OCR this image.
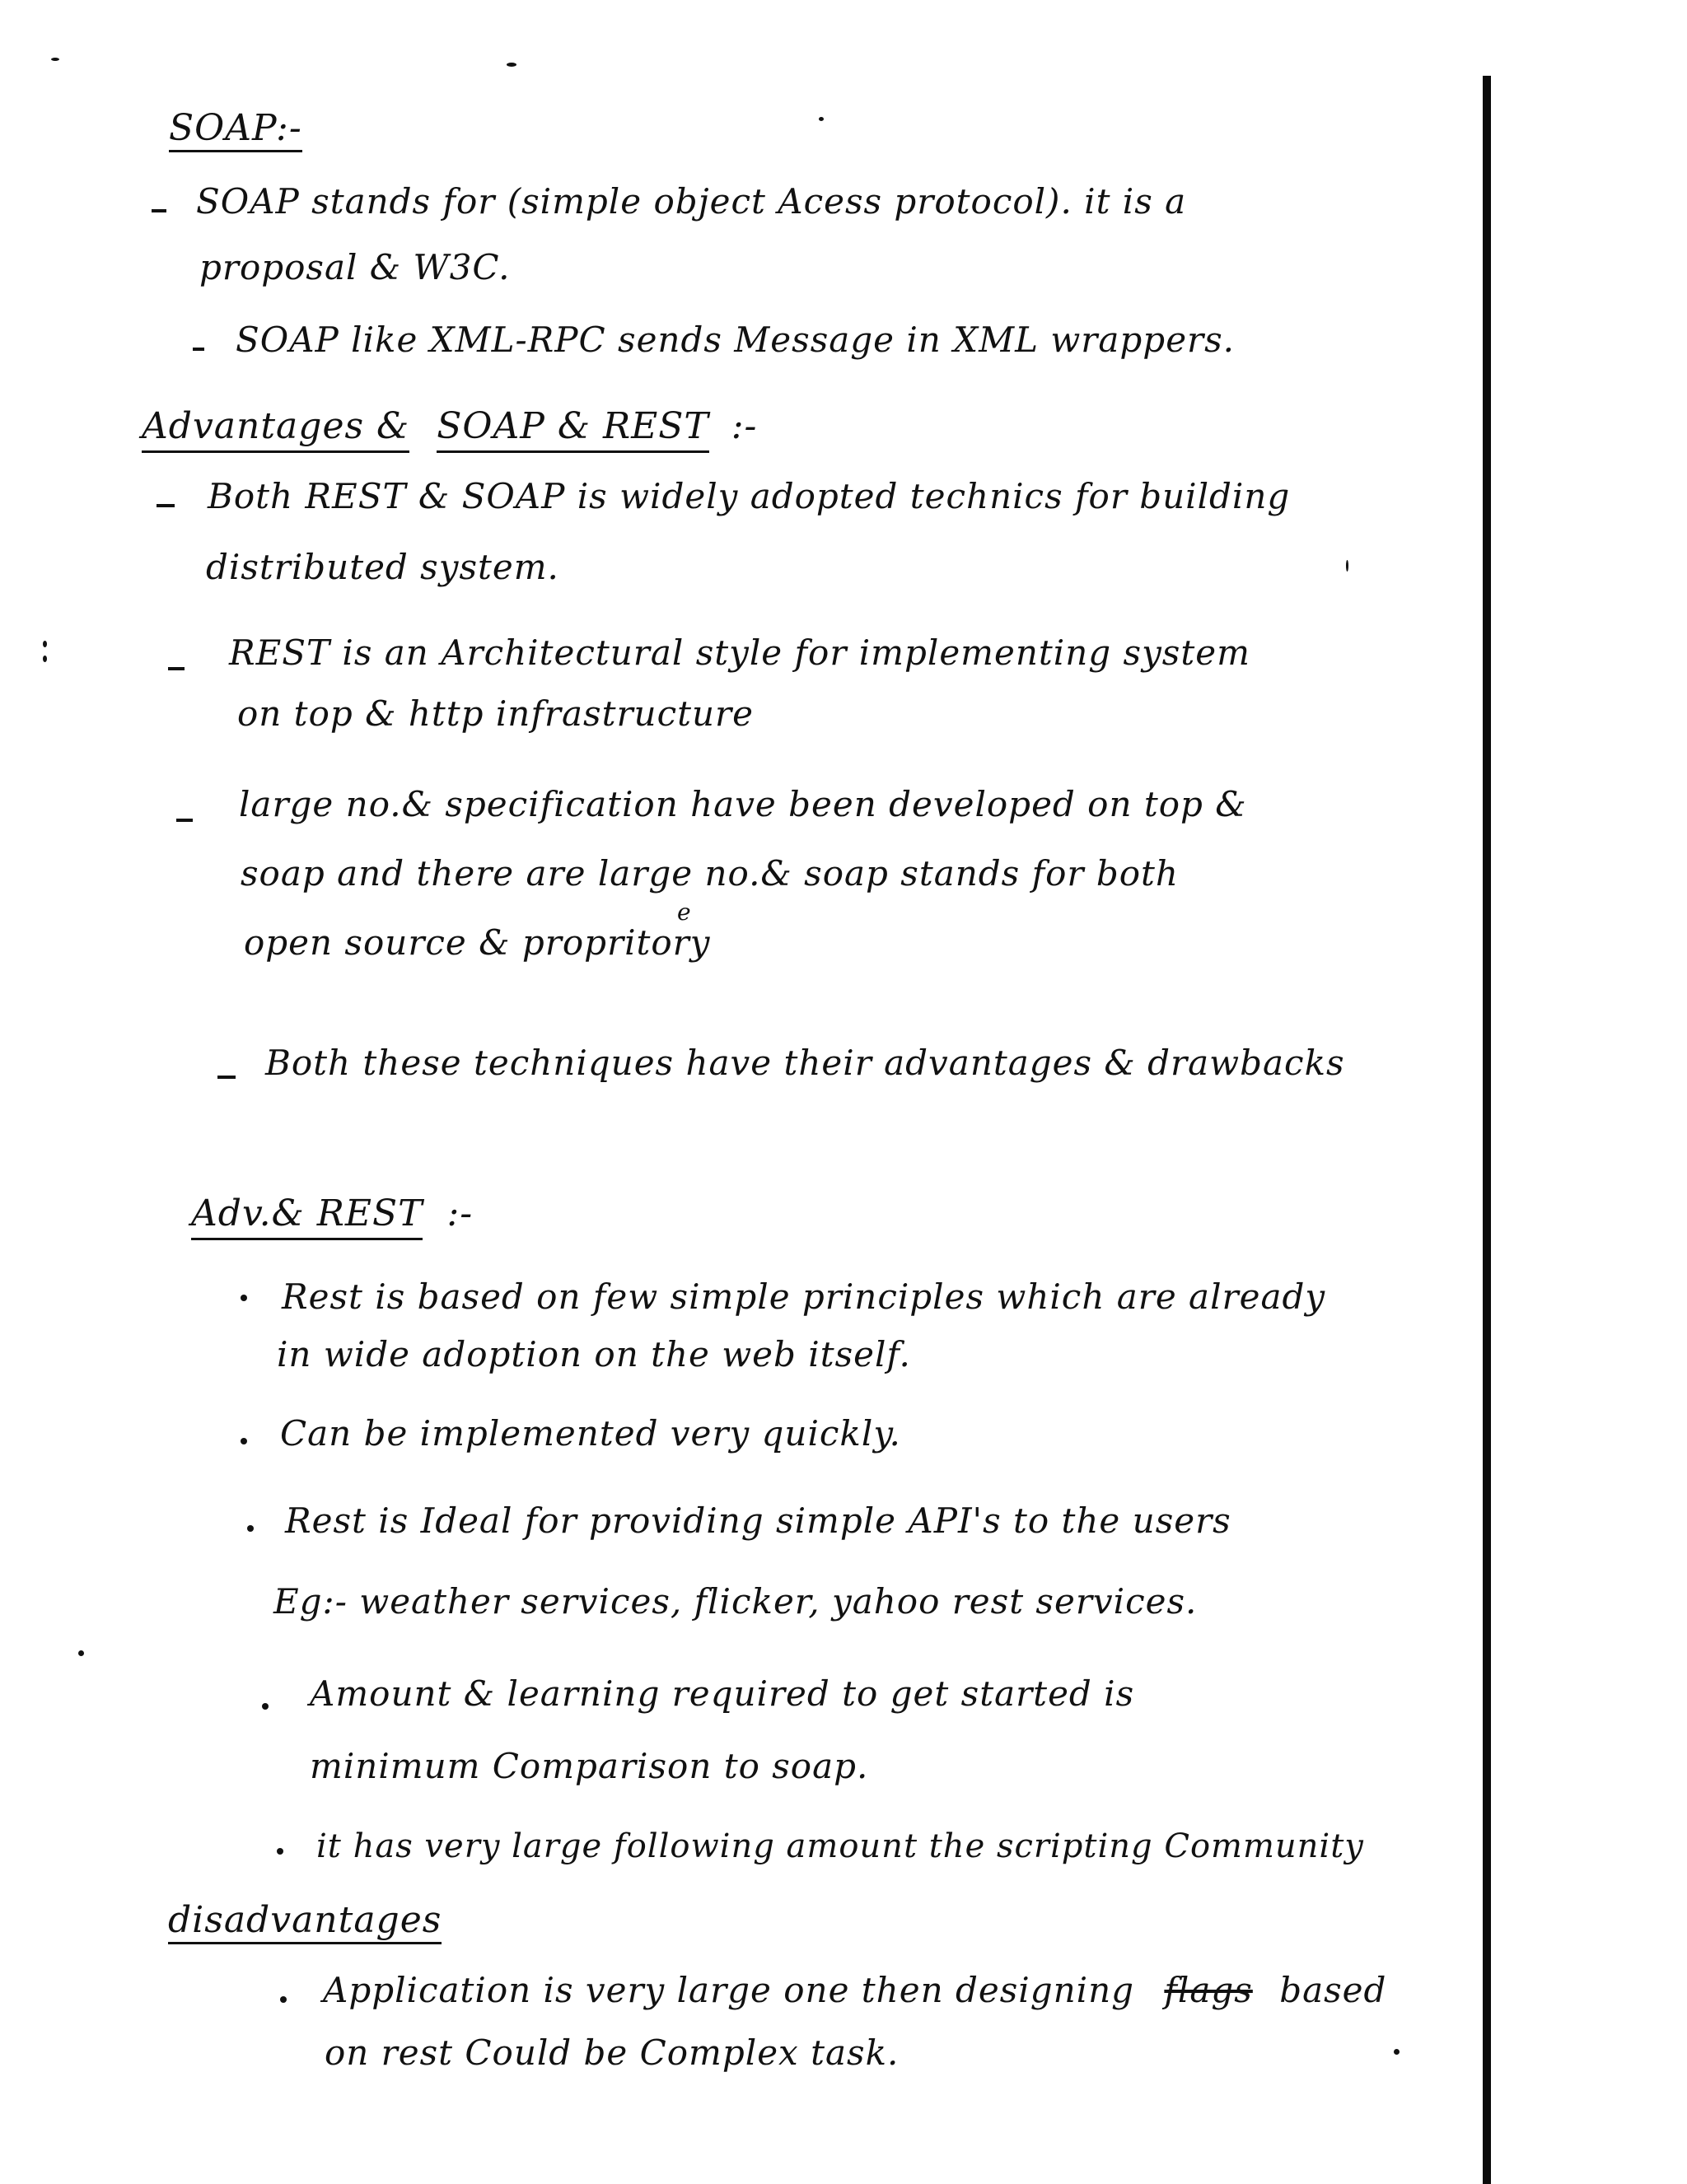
SOAP:-
SOAP stands for (simple object Acess protocol). it is a
proposal & W3C.
SOAP like XML-RPC sends Message in XML wrappers.
Advantages & SOAP & REST :-
Both REST & SOAP is widely adopted technics for building
distributed system.
REST is an Architectural style for implementing system
on top & http infrastructure
large no.& specification have been developed on top &
soap and there are large no.& soap stands for both
e
open source & propritory
Both these techniques have their advantages & drawbacks
Adv.& REST :-
Rest is based on few simple principles which are already
in wide adoption on the web itself.
Can be implemented very quickly.
Rest is Ideal for providing simple API's to the users
Eg:- weather services, flicker, yahoo rest services.
Amount & learning required to get started is
minimum Comparison to soap.
it has very large following amount the scripting Community
disadvantages
Application is very large one then designing flags based
on rest Could be Complex task.
